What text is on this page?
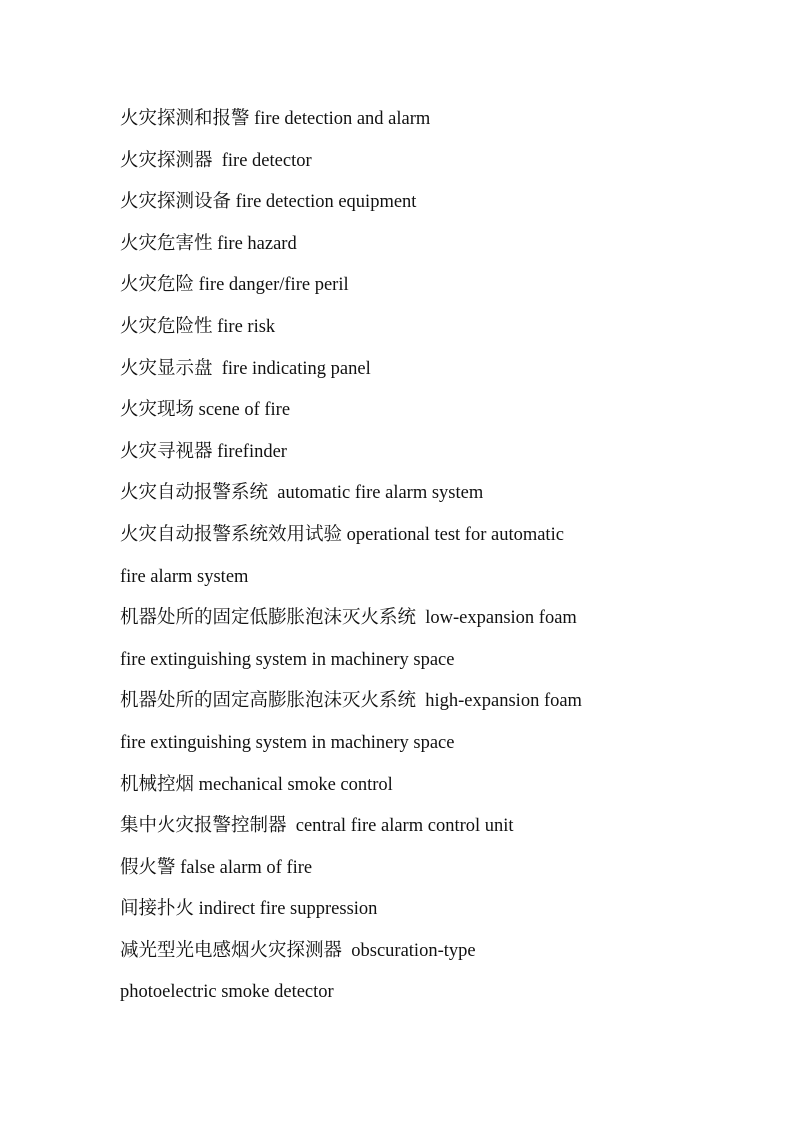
火灾探测和报警 fire detection and alarm
火灾探测器  fire detector
火灾探测设备 fire detection equipment
火灾危害性 fire hazard
火灾危险 fire danger/fire peril
火灾危险性 fire risk
火灾显示盘  fire indicating panel
火灾现场 scene of fire
火灾寻视器 firefinder
火灾自动报警系统  automatic fire alarm system
火灾自动报警系统效用试验 operational test for automatic
fire alarm system
机器处所的固定低膨胀泡沫灭火系统  low-expansion foam
fire extinguishing system in machinery space
机器处所的固定高膨胀泡沫灭火系统  high-expansion foam
fire extinguishing system in machinery space
机械控烟 mechanical smoke control
集中火灾报警控制器  central fire alarm control unit
假火警 false alarm of fire
间接扑火 indirect fire suppression
减光型光电感烟火灾探测器  obscuration-type
photoelectric smoke detector
